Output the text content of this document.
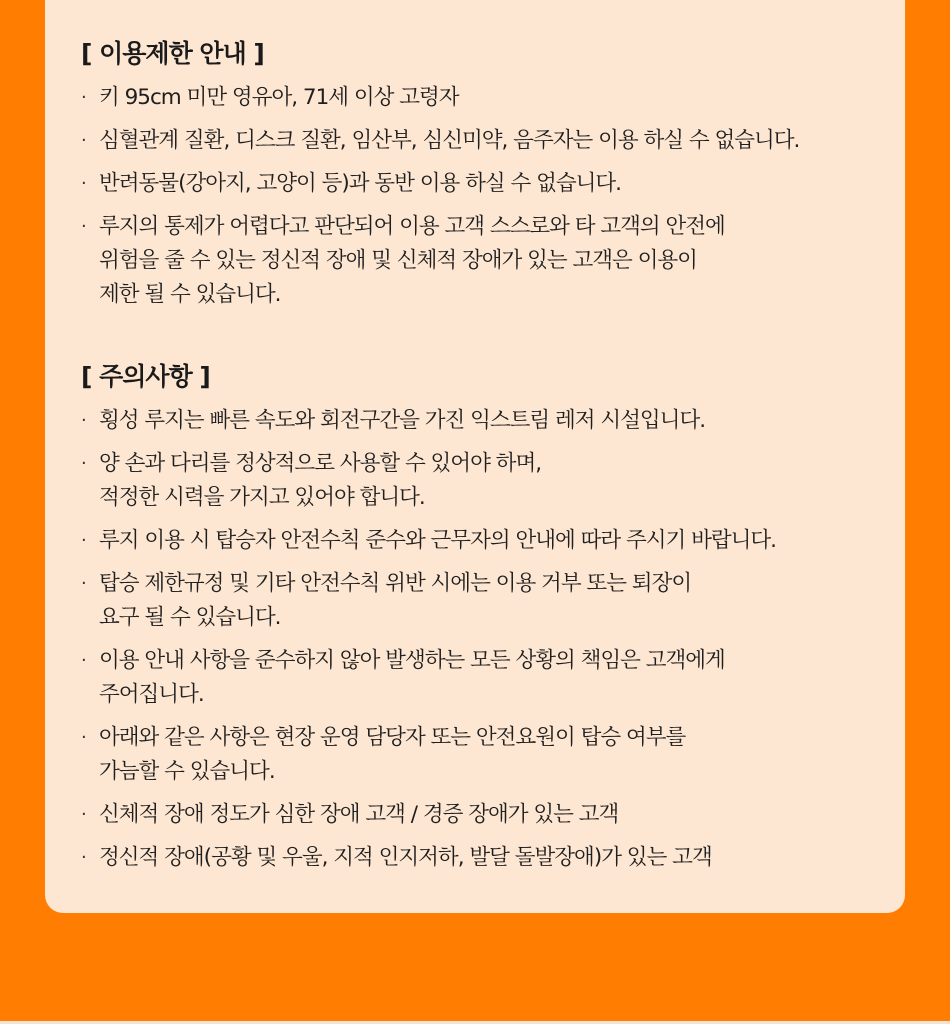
[ 이용제한 안내 ]
· 키 95cm 미만 영유아, 71세 이상 고령자
· 심혈관계 질환, 디스크 질환, 임산부, 심신미약, 음주자는 이용 하실 수 없습니다.
· 반려동물(강아지, 고양이 등)과 동반 이용 하실 수 없습니다.
· 루지의 통제가 어렵다고 판단되어 이용 고객 스스로와 타 고객의 안전에
위험을 줄 수 있는 정신적 장애 및 신체적 장애가 있는 고객은 이용이
제한 될 수 있습니다.
[ 주의사항 ]
· 횡성 루지는 빠른 속도와 회전구간을 가진 익스트림 레저 시설입니다.
· 양 손과 다리를 정상적으로 사용할 수 있어야 하며,
적정한 시력을 가지고 있어야 합니다.
· 루지 이용 시 탑승자 안전수칙 준수와 근무자의 안내에 따라 주시기 바랍니다.
· 탑승 제한규정 및 기타 안전수칙 위반 시에는 이용 거부 또는 퇴장이
요구 될 수 있습니다.
· 이용 안내 사항을 준수하지 않아 발생하는 모든 상황의 책임은 고객에게
주어집니다.
· 아래와 같은 사항은 현장 운영 담당자 또는 안전요원이 탑승 여부를
가늠할 수 있습니다.
· 신체적 장애 정도가 심한 장애 고객 / 경증 장애가 있는 고객
· 정신적 장애(공황 및 우울, 지적 인지저하, 발달 돌발장애)가 있는 고객
